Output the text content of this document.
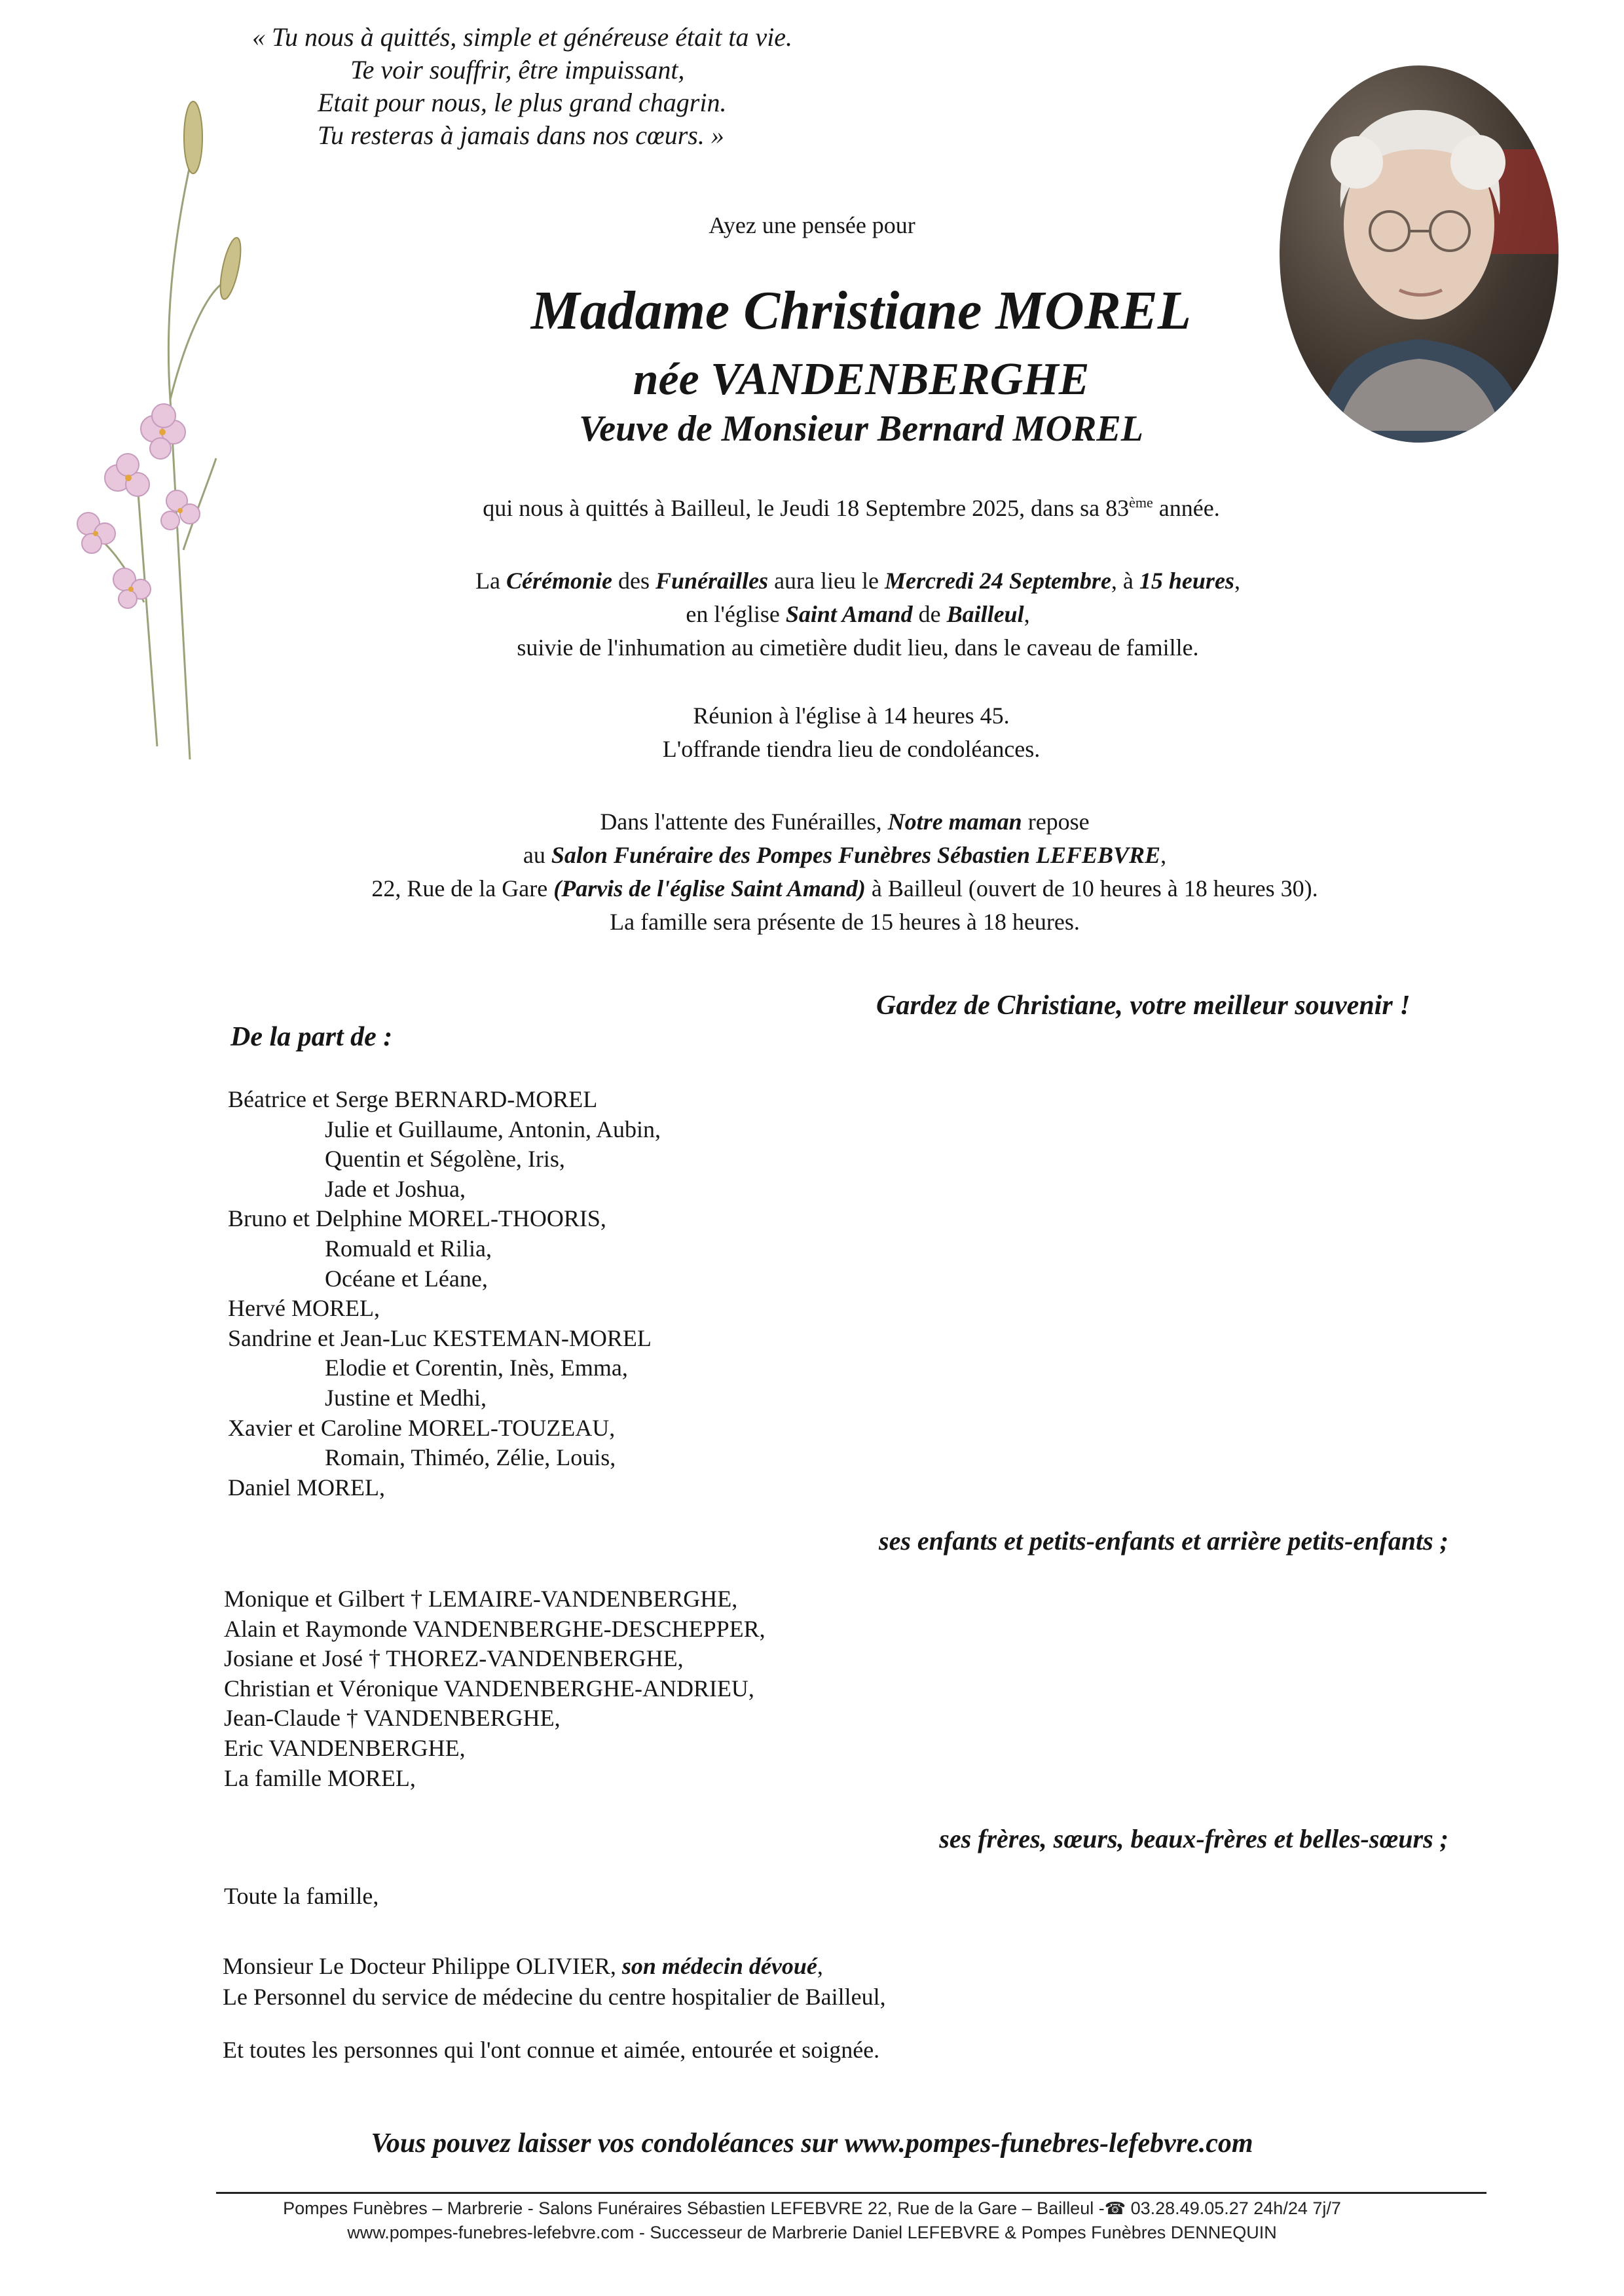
« Tu nous à quittés, simple et généreuse était ta vie.
Te voir souffrir, être impuissant,
Etait pour nous, le plus grand chagrin.
Tu resteras à jamais dans nos cœurs. »
Ayez une pensée pour
Madame Christiane MOREL
née VANDENBERGHE
Veuve de Monsieur Bernard MOREL
qui nous à quittés à Bailleul, le Jeudi 18 Septembre 2025, dans sa 83ème année.
La Cérémonie des Funérailles aura lieu le Mercredi 24 Septembre, à 15 heures,
en l'église Saint Amand de Bailleul,
suivie de l'inhumation au cimetière dudit lieu, dans le caveau de famille.
Réunion à l'église à 14 heures 45.
L'offrande tiendra lieu de condoléances.
Dans l'attente des Funérailles, Notre maman repose
au Salon Funéraire des Pompes Funèbres Sébastien LEFEBVRE,
22, Rue de la Gare (Parvis de l'église Saint Amand) à Bailleul (ouvert de 10 heures à 18 heures 30).
La famille sera présente de 15 heures à 18 heures.
Gardez de Christiane, votre meilleur souvenir !
De la part de :
Béatrice et Serge BERNARD-MOREL
Julie et Guillaume, Antonin, Aubin,
Quentin et Ségolène, Iris,
Jade et Joshua,
Bruno et Delphine MOREL-THOORIS,
Romuald et Rilia,
Océane et Léane,
Hervé MOREL,
Sandrine et Jean-Luc KESTEMAN-MOREL
Elodie et Corentin, Inès, Emma,
Justine et Medhi,
Xavier et Caroline MOREL-TOUZEAU,
Romain, Thiméo, Zélie, Louis,
Daniel MOREL,
ses enfants et petits-enfants et arrière petits-enfants ;
Monique et Gilbert † LEMAIRE-VANDENBERGHE,
Alain et Raymonde VANDENBERGHE-DESCHEPPER,
Josiane et José † THOREZ-VANDENBERGHE,
Christian et Véronique VANDENBERGHE-ANDRIEU,
Jean-Claude † VANDENBERGHE,
Eric VANDENBERGHE,
La famille MOREL,
ses frères, sœurs, beaux-frères et belles-sœurs ;
Toute la famille,
Monsieur Le Docteur Philippe OLIVIER, son médecin dévoué,
Le Personnel du service de médecine du centre hospitalier de Bailleul,
Et toutes les personnes qui l'ont connue et aimée, entourée et soignée.
Vous pouvez laisser vos condoléances sur www.pompes-funebres-lefebvre.com
Pompes Funèbres – Marbrerie - Salons Funéraires Sébastien LEFEBVRE 22, Rue de la Gare – Bailleul -☎ 03.28.49.05.27 24h/24 7j/7
www.pompes-funebres-lefebvre.com - Successeur de Marbrerie Daniel LEFEBVRE & Pompes Funèbres DENNEQUIN
